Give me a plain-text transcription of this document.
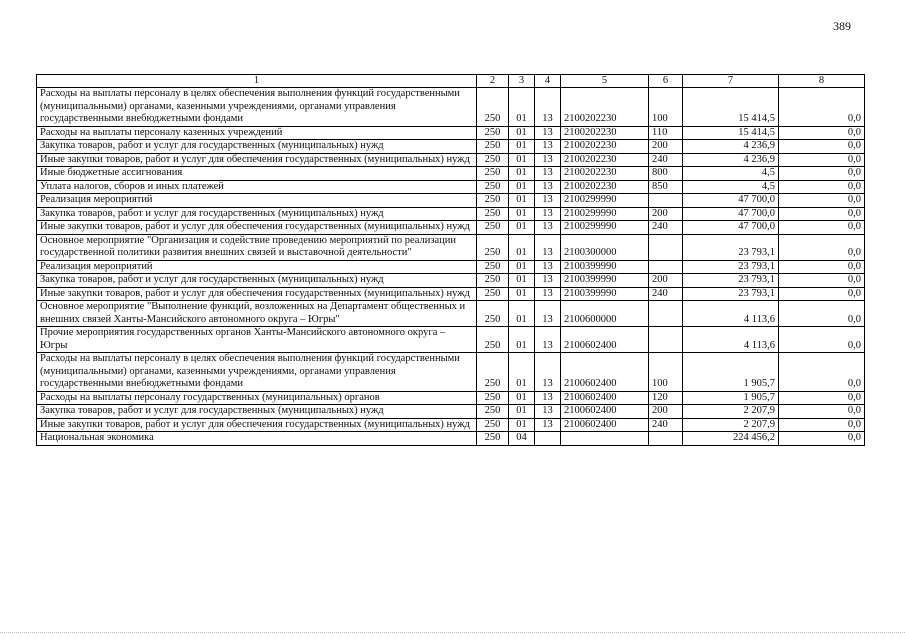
389
1	2	3	4	5	6	7	8
Расходы на выплаты персоналу в целях обеспечения выполнения функций государственными (муниципальными) органами, казенными учреждениями, органами управления государственными внебюджетными фондами	250	01	13	2100202230	100	15 414,5	0,0
Расходы на выплаты персоналу казенных учреждений	250	01	13	2100202230	110	15 414,5	0,0
Закупка товаров, работ и услуг для государственных (муниципальных) нужд	250	01	13	2100202230	200	4 236,9	0,0
Иные закупки товаров, работ и услуг для обеспечения государственных (муниципальных) нужд	250	01	13	2100202230	240	4 236,9	0,0
Иные бюджетные ассигнования	250	01	13	2100202230	800	4,5	0,0
Уплата налогов, сборов и иных платежей	250	01	13	2100202230	850	4,5	0,0
Реализация мероприятий	250	01	13	2100299990		47 700,0	0,0
Закупка товаров, работ и услуг для государственных (муниципальных) нужд	250	01	13	2100299990	200	47 700,0	0,0
Иные закупки товаров, работ и услуг для обеспечения государственных (муниципальных) нужд	250	01	13	2100299990	240	47 700,0	0,0
Основное мероприятие "Организация и содействие проведению мероприятий по реализации государственной политики развития внешних связей и выставочной деятельности"	250	01	13	2100300000		23 793,1	0,0
Реализация мероприятий	250	01	13	2100399990		23 793,1	0,0
Закупка товаров, работ и услуг для государственных (муниципальных) нужд	250	01	13	2100399990	200	23 793,1	0,0
Иные закупки товаров, работ и услуг для обеспечения государственных (муниципальных) нужд	250	01	13	2100399990	240	23 793,1	0,0
Основное мероприятие "Выполнение функций, возложенных на Департамент общественных и внешних связей Ханты-Мансийского автономного округа – Югры"	250	01	13	2100600000		4 113,6	0,0
Прочие мероприятия государственных органов Ханты-Мансийского автономного округа – Югры	250	01	13	2100602400		4 113,6	0,0
Расходы на выплаты персоналу в целях обеспечения выполнения функций государственными (муниципальными) органами, казенными учреждениями, органами управления государственными внебюджетными фондами	250	01	13	2100602400	100	1 905,7	0,0
Расходы на выплаты персоналу государственных (муниципальных) органов	250	01	13	2100602400	120	1 905,7	0,0
Закупка товаров, работ и услуг для государственных (муниципальных) нужд	250	01	13	2100602400	200	2 207,9	0,0
Иные закупки товаров, работ и услуг для обеспечения государственных (муниципальных) нужд	250	01	13	2100602400	240	2 207,9	0,0
Национальная экономика	250	04				224 456,2	0,0
